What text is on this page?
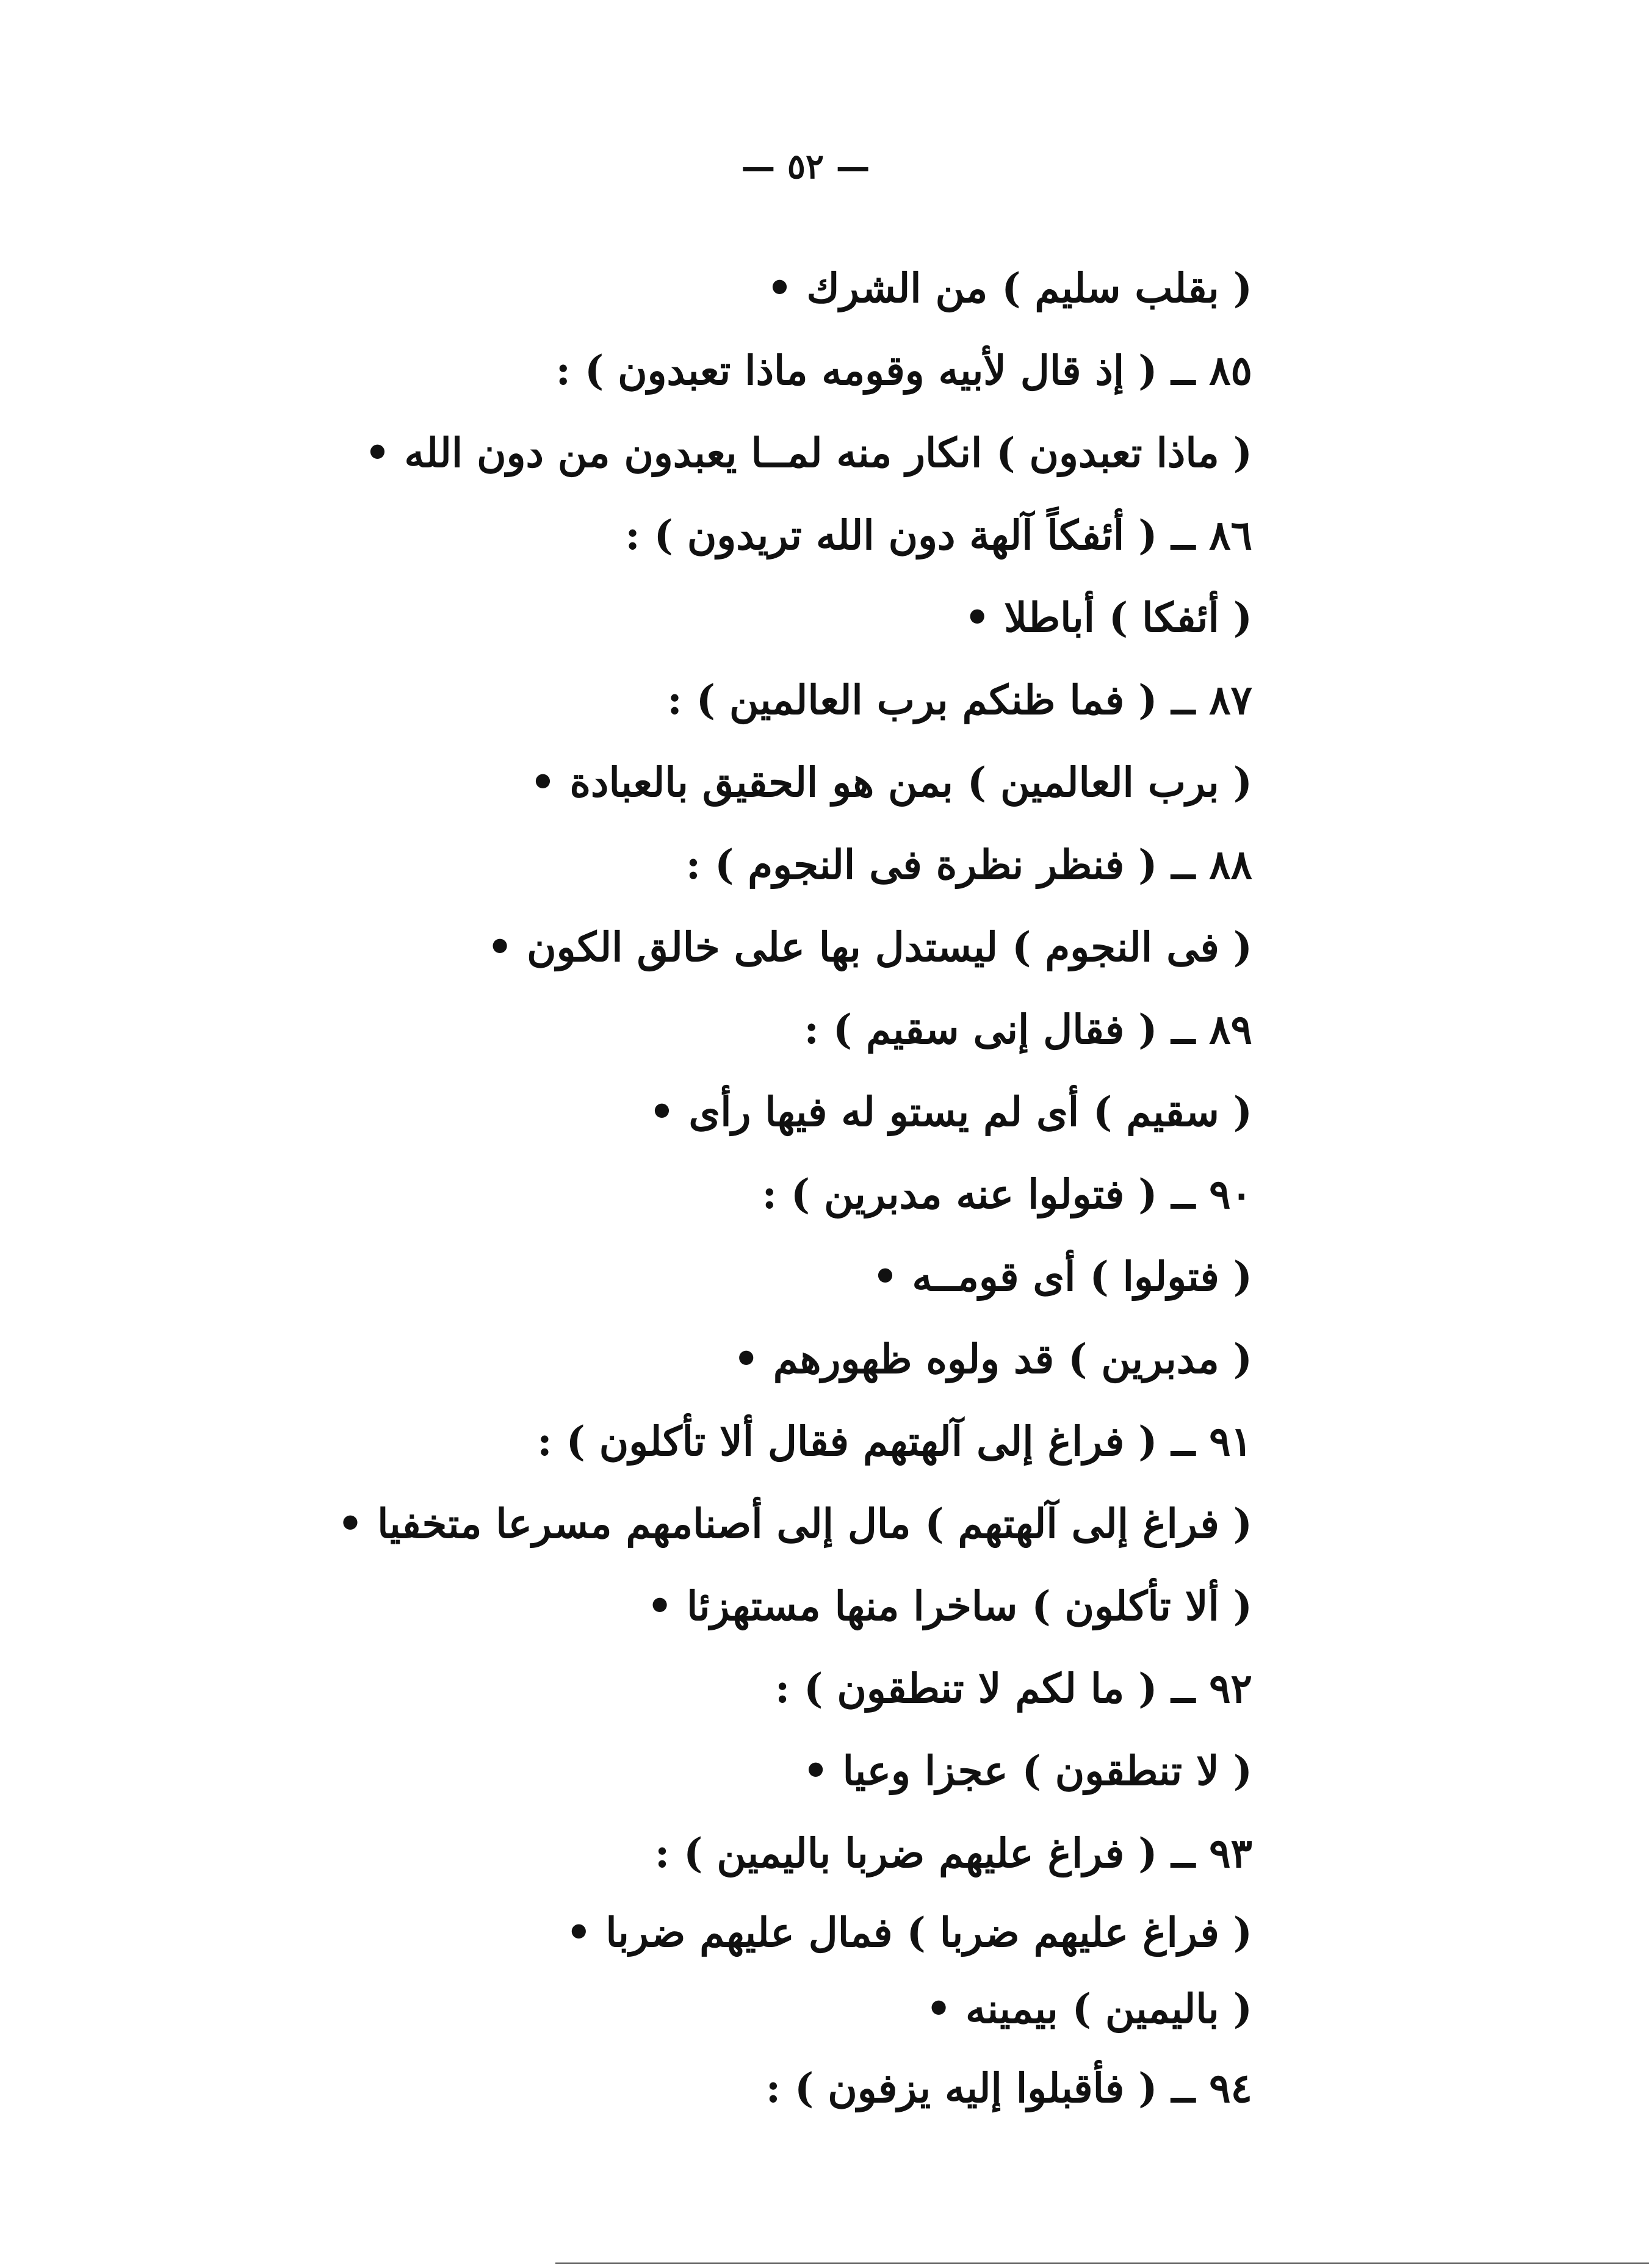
— ٥٢ —
( بقلب سليم ) من الشرك •
٨٥ ــ ( إذ قال لأبيه وقومه ماذا تعبدون ) :
( ماذا تعبدون ) انكار منه لمــا يعبدون من دون الله •
٨٦ ــ ( أئفكاً آلهة دون الله تريدون ) :
( أئفكا ) أباطلا •
٨٧ ــ ( فما ظنكم برب العالمين ) :
( برب العالمين ) بمن هو الحقيق بالعبادة •
٨٨ ــ ( فنظر نظرة فى النجوم ) :
( فى النجوم ) ليستدل بها على خالق الكون •
٨٩ ــ ( فقال إنى سقيم ) :
( سقيم ) أى لم يستو له فيها رأى •
٩٠ ــ ( فتولوا عنه مدبرين ) :
( فتولوا ) أى قومــه •
( مدبرين ) قد ولوه ظهورهم •
٩١ ــ ( فراغ إلى آلهتهم فقال ألا تأكلون ) :
( فراغ إلى آلهتهم ) مال إلى أصنامهم مسرعا متخفيا •
( ألا تأكلون ) ساخرا منها مستهزئا •
٩٢ ــ ( ما لكم لا تنطقون ) :
( لا تنطقون ) عجزا وعيا •
٩٣ ــ ( فراغ عليهم ضربا باليمين ) :
( فراغ عليهم ضربا ) فمال عليهم ضربا •
( باليمين ) بيمينه •
٩٤ ــ ( فأقبلوا إليه يزفون ) :
